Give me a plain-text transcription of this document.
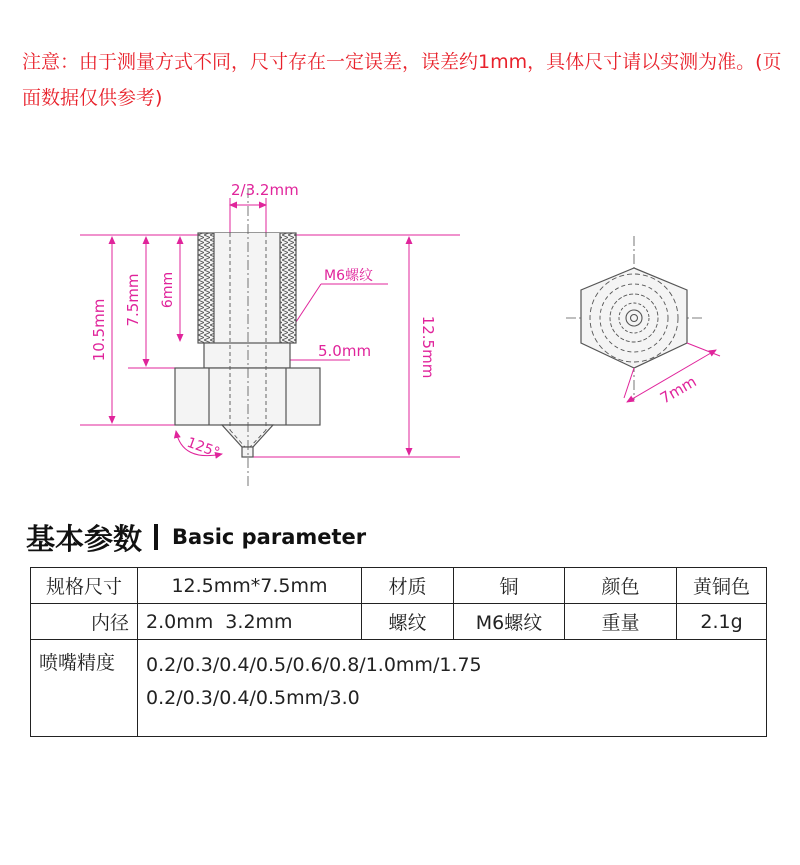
注意：由于测量方式不同，尺寸存在一定误差，误差约1mm，具体尺寸请以实测为准。(页面数据仅供参考)

2/3.2mm
M6螺纹
5.0mm
6mm
7.5mm
10.5mm	12.5mm
125°
7mm
基本参数 Basic parameter
规格尺寸	12.5mm*7.5mm	材质	铜	颜色	黄铜色
内径	2.0mm  3.2mm	螺纹	M6螺纹	重量	2.1g
喷嘴精度	0.2/0.3/0.4/0.5/0.6/0.8/1.0mm/1.75
0.2/0.3/0.4/0.5mm/3.0				
